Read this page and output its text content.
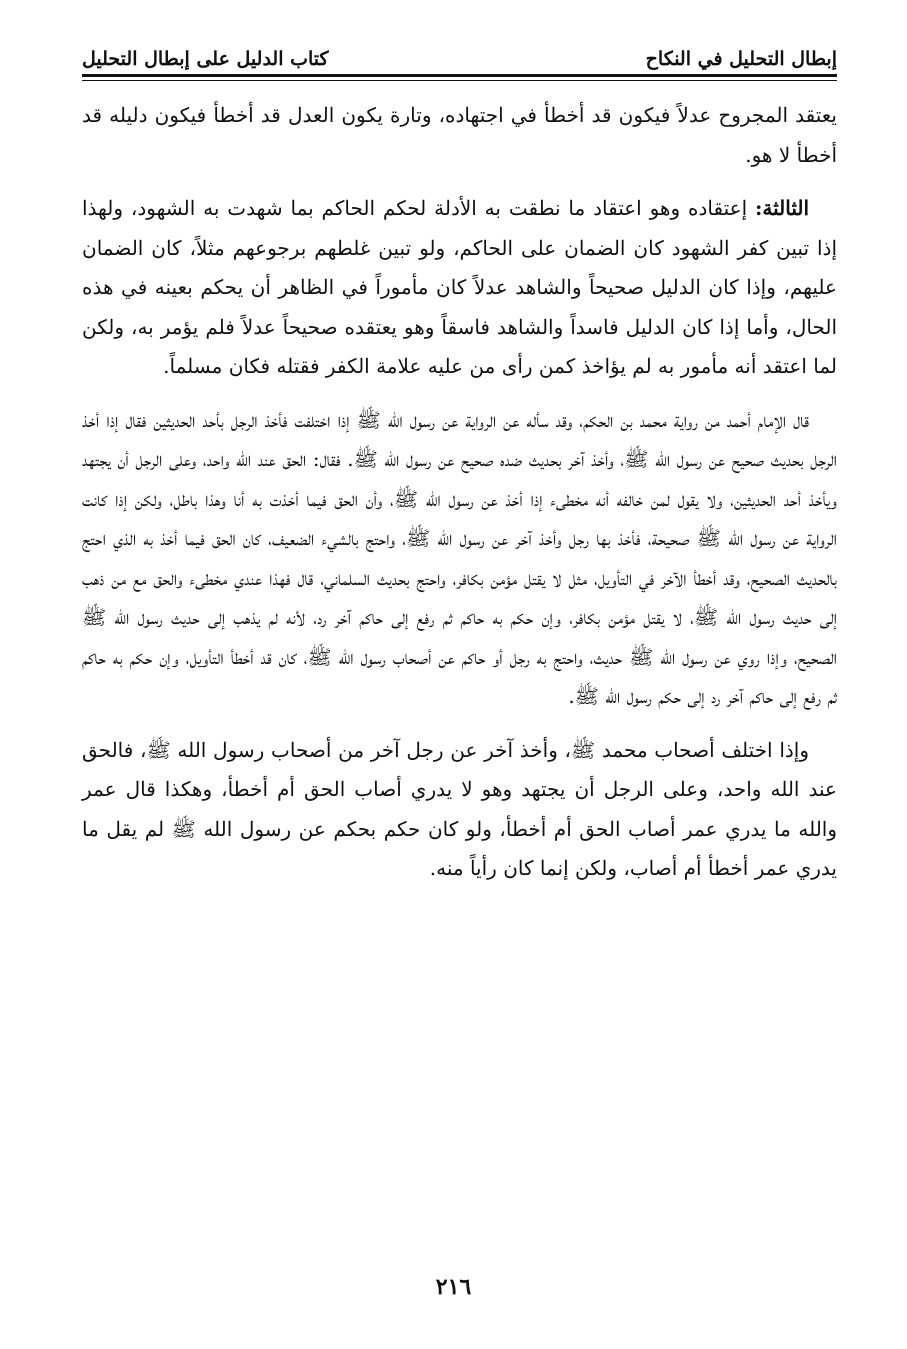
إبطال التحليل في النكاح
كتاب الدليل على إبطال التحليل

يعتقد المجروح عدلاً فيكون قد أخطأ في اجتهاده، وتارة يكون العدل قد أخطأ فيكون دليله قد أخطأ لا هو.

الثالثة: إعتقاده وهو اعتقاد ما نطقت به الأدلة لحكم الحاكم بما شهدت به الشهود، ولهذا إذا تبين كفر الشهود كان الضمان على الحاكم، ولو تبين غلطهم برجوعهم مثلاً، كان الضمان عليهم، وإذا كان الدليل صحيحاً والشاهد عدلاً كان مأموراً في الظاهر أن يحكم بعينه في هذه الحال، وأما إذا كان الدليل فاسداً والشاهد فاسقاً وهو يعتقده صحيحاً عدلاً فلم يؤمر به، ولكن لما اعتقد أنه مأمور به لم يؤاخذ كمن رأى من عليه علامة الكفر فقتله فكان مسلماً.

قال الإمام أحمد من رواية محمد بن الحكم، وقد سأله عن الرواية عن رسول الله ﷺ إذا اختلفت فأخذ الرجل بأحد الحديثين فقال إذا أخذ الرجل بحديث صحيح عن رسول الله ﷺ، وأخذ آخر بحديث ضده صحيح عن رسول الله ﷺ. فقال: الحق عند الله واحد، وعلى الرجل أن يجتهد ويأخذ أحد الحديثين، ولا يقول لمن خالفه أنه مخطىء إذا أخذ عن رسول الله ﷺ، وأن الحق فيما أخذت به أنا وهذا باطل، ولكن إذا كانت الرواية عن رسول الله ﷺ صحيحة، فأخذ بها رجل وأخذ آخر عن رسول الله ﷺ، واحتج بالشيء الضعيف، كان الحق فيما أخذ به الذي احتج بالحديث الصحيح، وقد أخطأ الآخر في التأويل، مثل لا يقتل مؤمن بكافر، واحتج بحديث السلماني، قال فهذا عندي مخطىء والحق مع من ذهب إلى حديث رسول الله ﷺ، لا يقتل مؤمن بكافر، وإن حكم به حاكم ثم رفع إلى حاكم آخر رد، لأنه لم يذهب إلى حديث رسول الله ﷺ الصحيح، وإذا روي عن رسول الله ﷺ حديث، واحتج به رجل أو حاكم عن أصحاب رسول الله ﷺ، كان قد أخطأ التأويل، وإن حكم به حاكم ثم رفع إلى حاكم آخر رد إلى حكم رسول الله ﷺ.

وإذا اختلف أصحاب محمد ﷺ، وأخذ آخر عن رجل آخر من أصحاب رسول الله ﷺ، فالحق عند الله واحد، وعلى الرجل أن يجتهد وهو لا يدري أصاب الحق أم أخطأ، وهكذا قال عمر والله ما يدري عمر أصاب الحق أم أخطأ، ولو كان حكم بحكم عن رسول الله ﷺ لم يقل ما يدري عمر أخطأ أم أصاب، ولكن إنما كان رأياً منه.

٢١٦
